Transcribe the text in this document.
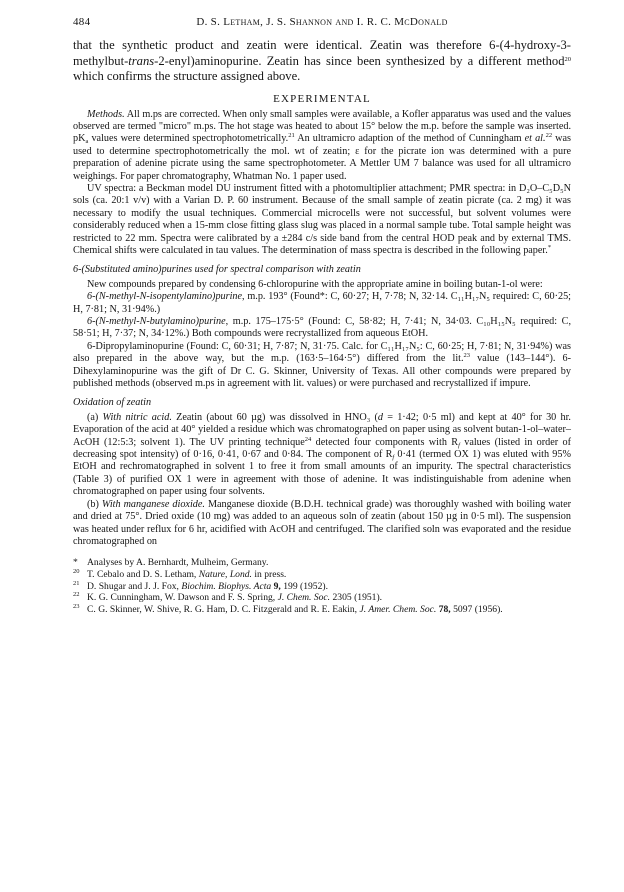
484	D. S. Letham, J. S. Shannon and I. R. C. McDonald

that the synthetic product and zeatin were identical. Zeatin was therefore 6-(4-hydroxy-3-methylbut-trans-2-enyl)aminopurine. Zeatin has since been synthesized by a different method$^{20}$ which confirms the structure assigned above.

EXPERIMENTAL

Methods. All m.ps are corrected. When only small samples were available, a Kofler apparatus was used and the values observed are termed "micro" m.ps. The hot stage was heated to about 15° below the m.p. before the sample was inserted. $pK_a$ values were determined spectrophotometrically.$^{21}$ An ultramicro adaption of the method of Cunningham et al.$^{22}$ was used to determine spectrophotometrically the mol. wt of zeatin; ε for the picrate ion was determined with a pure preparation of adenine picrate using the same spectrophotometer. A Mettler UM 7 balance was used for all ultramicro weighings. For paper chromatography, Whatman No. 1 paper used.

UV spectra: a Beckman model DU instrument fitted with a photomultiplier attachment; PMR spectra: in D₂O–C₅D₅N sols (ca. 20:1 v/v) with a Varian D. P. 60 instrument. Because of the small sample of zeatin picrate (ca. 2 mg) it was necessary to modify the usual techniques. Commercial microcells were not successful, but solvent volumes were considerably reduced when a 15-mm close fitting glass slug was placed in a normal sample tube. Total sample height was restricted to 22 mm. Spectra were calibrated by a ±284 c/s side band from the central HOD peak and by external TMS. Chemical shifts were calculated in tau values. The determination of mass spectra is described in the following paper.*

6-(Substituted amino)purines used for spectral comparison with zeatin

New compounds prepared by condensing 6-chloropurine with the appropriate amine in boiling butan-1-ol were:

6-(N-methyl-N-isopentylamino)purine, m.p. 193° (Found*: C, 60·27; H, 7·78; N, 32·14. C₁₁H₁₇N₅ required: C, 60·25; H, 7·81; N, 31·94%.)

6-(N-methyl-N-butylamino)purine, m.p. 175–175·5° (Found: C, 58·82; H, 7·41; N, 34·03. C₁₀H₁₅N₅ required: C, 58·51; H, 7·37; N, 34·12%.) Both compounds were recrystallized from aqueous EtOH.

6-Dipropylaminopurine (Found: C, 60·31; H, 7·87; N, 31·75. Calc. for C₁₁H₁₇N₅: C, 60·25; H, 7·81; N, 31·94%) was also prepared in the above way, but the m.p. (163·5–164·5°) differed from the lit.$^{23}$ value (143–144°). 6-Dihexylaminopurine was the gift of Dr C. G. Skinner, University of Texas. All other compounds were prepared by published methods (observed m.ps in agreement with lit. values) or were purchased and recrystallized if impure.

Oxidation of zeatin

(a) With nitric acid. Zeatin (about 60 µg) was dissolved in HNO₃ (d = 1·42; 0·5 ml) and kept at 40° for 30 hr. Evaporation of the acid at 40° yielded a residue which was chromatographed on paper using as solvent butan-1-ol–water–AcOH (12:5:3; solvent 1). The UV printing technique$^{24}$ detected four components with $R_f$ values (listed in order of decreasing spot intensity) of 0·16, 0·41, 0·67 and 0·84. The component of $R_f$ 0·41 (termed OX 1) was eluted with 95% EtOH and rechromatographed in solvent 1 to free it from small amounts of an impurity. The spectral characteristics (Table 3) of purified OX 1 were in agreement with those of adenine. It was indistinguishable from adenine when chromatographed on paper using four solvents.

(b) With manganese dioxide. Manganese dioxide (B.D.H. technical grade) was thoroughly washed with boiling water and dried at 75°. Dried oxide (10 mg) was added to an aqueous soln of zeatin (about 150 µg in 0·5 ml). The suspension was heated under reflux for 6 hr, acidified with AcOH and centrifuged. The clarified soln was evaporated and the residue chromatographed on

* Analyses by A. Bernhardt, Mulheim, Germany.

$^{20}$ T. Cebalo and D. S. Letham, Nature, Lond. in press.

$^{21}$ D. Shugar and J. J. Fox, Biochim. Biophys. Acta 9, 199 (1952).

$^{22}$ K. G. Cunningham, W. Dawson and F. S. Spring, J. Chem. Soc. 2305 (1951).

$^{23}$ C. G. Skinner, W. Shive, R. G. Ham, D. C. Fitzgerald and R. E. Eakin, J. Amer. Chem. Soc. 78, 5097 (1956).
